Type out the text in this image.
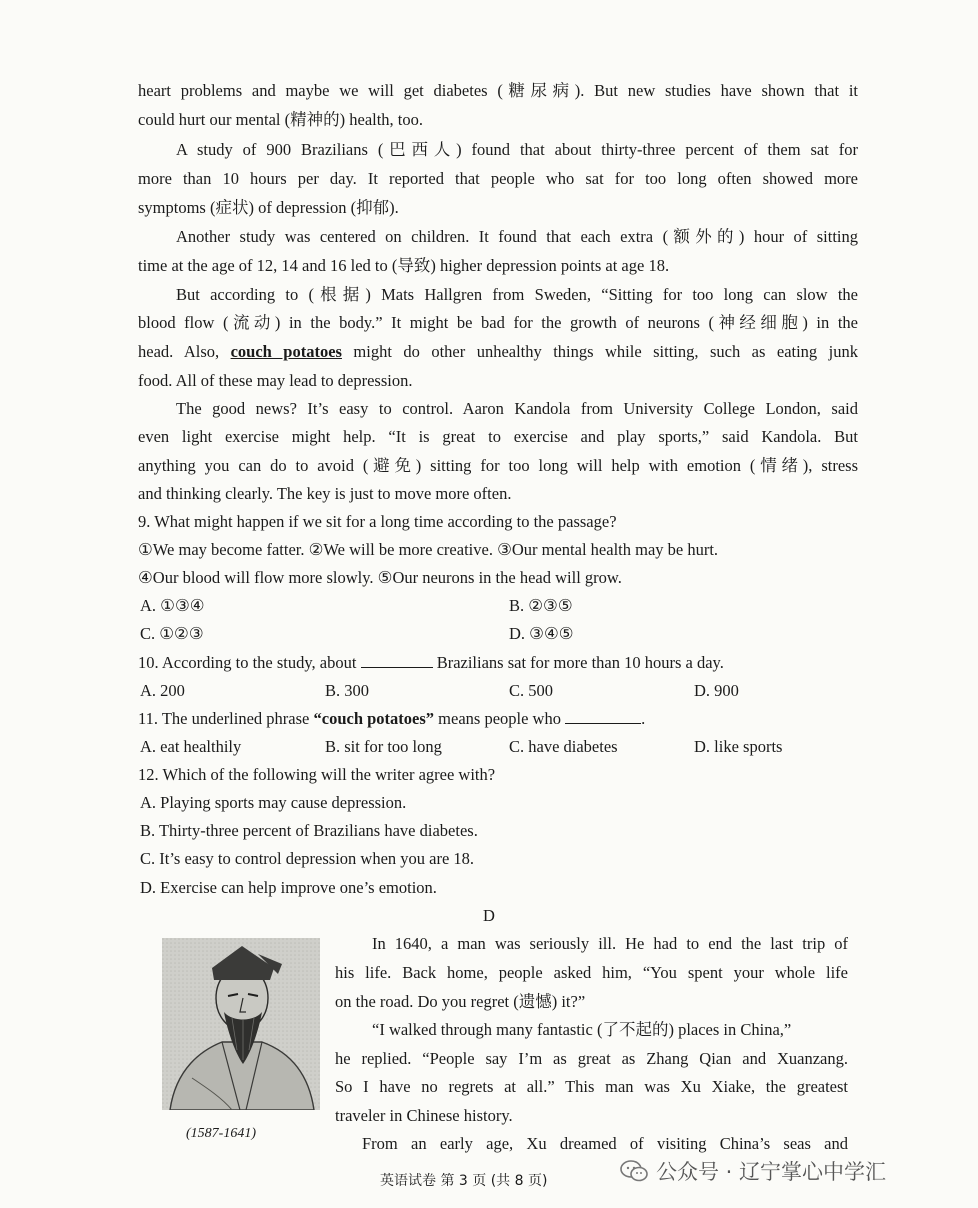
heart problems and maybe we will get diabetes (糖尿病). But new studies have shown that it
could hurt our mental (精神的) health, too.
A study of 900 Brazilians (巴西人) found that about thirty-three percent of them sat for
more than 10 hours per day. It reported that people who sat for too long often showed more
symptoms (症状) of depression (抑郁).
Another study was centered on children. It found that each extra (额外的) hour of sitting
time at the age of 12, 14 and 16 led to (导致) higher depression points at age 18.
But according to (根据) Mats Hallgren from Sweden, “Sitting for too long can slow the
blood flow (流动) in the body.” It might be bad for the growth of neurons (神经细胞) in the
head. Also, couch potatoes might do other unhealthy things while sitting, such as eating junk
food. All of these may lead to depression.
The good news? It’s easy to control. Aaron Kandola from University College London, said
even light exercise might help. “It is great to exercise and play sports,” said Kandola. But
anything you can do to avoid (避免) sitting for too long will help with emotion (情绪), stress
and thinking clearly. The key is just to move more often.
9. What might happen if we sit for a long time according to the passage?
①We may become fatter. ②We will be more creative. ③Our mental health may be hurt.
④Our blood will flow more slowly. ⑤Our neurons in the head will grow.
A. ①③④	B. ②③⑤
C. ①②③	D. ③④⑤
10. According to the study, about	Brazilians sat for more than 10 hours a day.
A. 200	B. 300	C. 500	D. 900
11. The underlined phrase “couch potatoes” means people who	.
A. eat healthily	B. sit for too long	C. have diabetes	D. like sports
12. Which of the following will the writer agree with?
A. Playing sports may cause depression.
B. Thirty-three percent of Brazilians have diabetes.
C. It’s easy to control depression when you are 18.
D. Exercise can help improve one’s emotion.
D
(1587-1641)
In 1640, a man was seriously ill. He had to end the last trip of
his life. Back home, people asked him, “You spent your whole life
on the road. Do you regret (遗憾) it?”
“I walked through many fantastic (了不起的) places in China,”
he replied. “People say I’m as great as Zhang Qian and Xuanzang.
So I have no regrets at all.” This man was Xu Xiake, the greatest
traveler in Chinese history.
From an early age, Xu dreamed of visiting China’s seas and
英语试卷 第 3 页 (共 8 页)	公众号 · 辽宁掌心中学汇
